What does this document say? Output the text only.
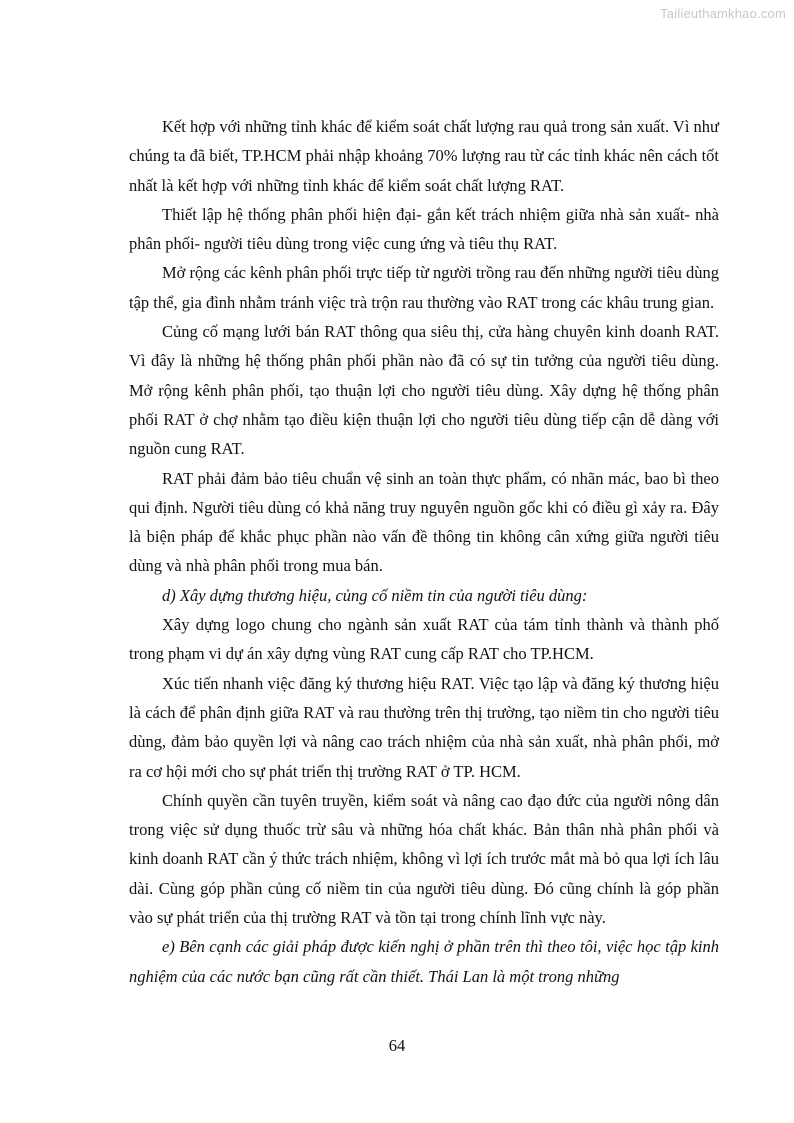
Tailieuthamkhao.com

Kết hợp với những tỉnh khác để kiểm soát chất lượng rau quả trong sản xuất. Vì như chúng ta đã biết, TP.HCM phải nhập khoảng 70% lượng rau từ các tỉnh khác nên cách tốt nhất là kết hợp với những tỉnh khác để kiểm soát chất lượng RAT.

Thiết lập hệ thống phân phối hiện đại- gắn kết trách nhiệm giữa nhà sản xuất- nhà phân phối- người tiêu dùng trong việc cung ứng và tiêu thụ RAT.

Mở rộng các kênh phân phối trực tiếp từ người trồng rau đến những người tiêu dùng tập thể, gia đình nhằm tránh việc trà trộn rau thường vào RAT trong các khâu trung gian.

Củng cố mạng lưới bán RAT thông qua siêu thị, cửa hàng chuyên kinh doanh RAT. Vì đây là những hệ thống phân phối phần nào đã có sự tin tưởng của người tiêu dùng. Mở rộng kênh phân phối, tạo thuận lợi cho người tiêu dùng. Xây dựng hệ thống phân phối RAT ở chợ nhằm tạo điều kiện thuận lợi cho người tiêu dùng tiếp cận dễ dàng với nguồn cung RAT.

RAT phải đảm bảo tiêu chuẩn vệ sinh an toàn thực phẩm, có nhãn mác, bao bì theo qui định. Người tiêu dùng có khả năng truy nguyên nguồn gốc khi có điều gì xảy ra. Đây là biện pháp để khắc phục phần nào vấn đề thông tin không cân xứng giữa người tiêu dùng và nhà phân phối trong mua bán.

d) Xây dựng thương hiệu, củng cố niềm tin của người tiêu dùng:

Xây dựng logo chung cho ngành sản xuất RAT của tám tỉnh thành và thành phố trong phạm vi dự án xây dựng vùng RAT cung cấp RAT cho TP.HCM.

Xúc tiến nhanh việc đăng ký thương hiệu RAT. Việc tạo lập và đăng ký thương hiệu là cách để phân định giữa RAT và rau thường trên thị trường, tạo niềm tin cho người tiêu dùng, đảm bảo quyền lợi và nâng cao trách nhiệm của nhà sản xuất, nhà phân phối, mở ra cơ hội mới cho sự phát triển thị trường RAT ở TP. HCM.

Chính quyền cần tuyên truyền, kiểm soát và nâng cao đạo đức của người nông dân trong việc sử dụng thuốc trừ sâu và những hóa chất khác. Bản thân nhà phân phối và kinh doanh RAT cần ý thức trách nhiệm, không vì lợi ích trước mắt mà bỏ qua lợi ích lâu dài. Cùng góp phần củng cố niềm tin của người tiêu dùng. Đó cũng chính là góp phần vào sự phát triển của thị trường RAT và tồn tại trong chính lĩnh vực này.

e) Bên cạnh các giải pháp được kiến nghị ở phần trên thì theo tôi, việc học tập kinh nghiệm của các nước bạn cũng rất cần thiết. Thái Lan là một trong những

64
